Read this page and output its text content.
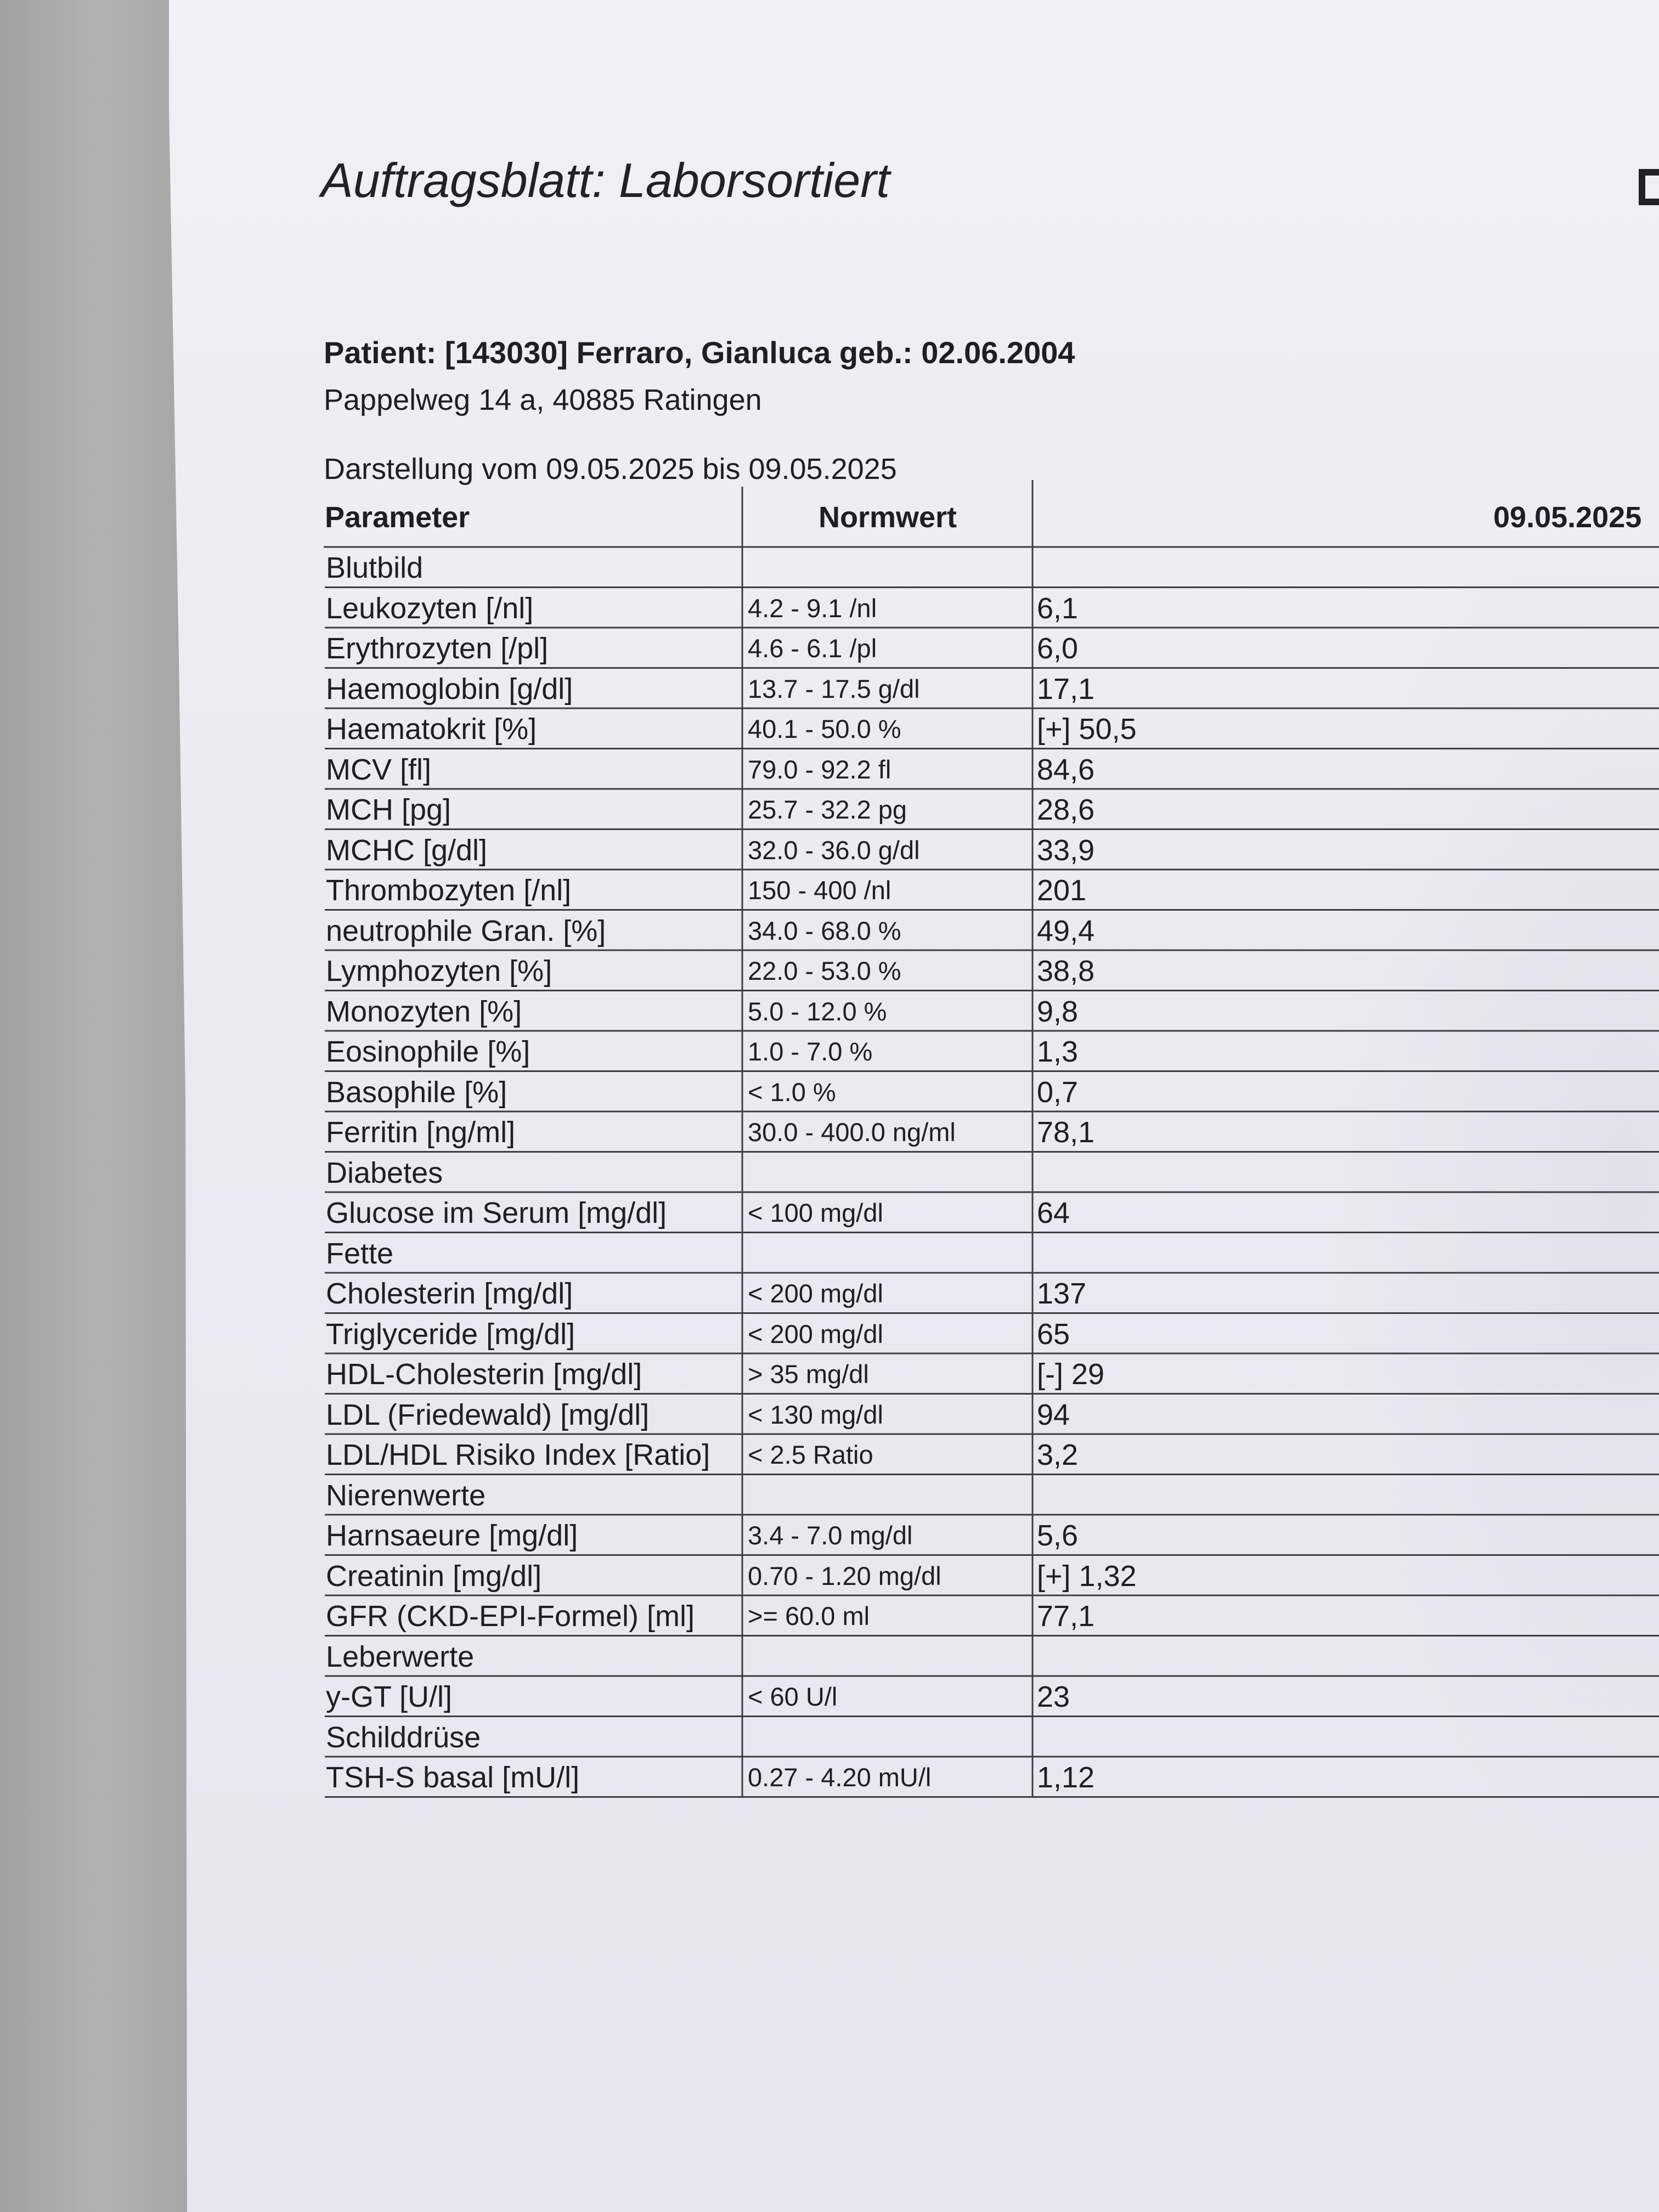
Auftragsblatt: Laborsortiert
Patient: [143030] Ferraro, Gianluca geb.: 02.06.2004
Pappelweg 14 a, 40885 Ratingen
Darstellung vom 09.05.2025 bis 09.05.2025
Parameter	Normwert	09.05.2025
Blutbild
Leukozyten [/nl]	4.2 - 9.1 /nl	6,1
Erythrozyten [/pl]	4.6 - 6.1 /pl	6,0
Haemoglobin [g/dl]	13.7 - 17.5 g/dl	17,1
Haematokrit [%]	40.1 - 50.0 %	[+] 50,5
MCV [fl]	79.0 - 92.2 fl	84,6
MCH [pg]	25.7 - 32.2 pg	28,6
MCHC [g/dl]	32.0 - 36.0 g/dl	33,9
Thrombozyten [/nl]	150 - 400 /nl	201
neutrophile Gran. [%]	34.0 - 68.0 %	49,4
Lymphozyten [%]	22.0 - 53.0 %	38,8
Monozyten [%]	5.0 - 12.0 %	9,8
Eosinophile [%]	1.0 - 7.0 %	1,3
Basophile [%]	< 1.0 %	0,7
Ferritin [ng/ml]	30.0 - 400.0 ng/ml	78,1
Diabetes
Glucose im Serum [mg/dl]	< 100 mg/dl	64
Fette
Cholesterin [mg/dl]	< 200 mg/dl	137
Triglyceride [mg/dl]	< 200 mg/dl	65
HDL-Cholesterin [mg/dl]	> 35 mg/dl	[-] 29
LDL (Friedewald) [mg/dl]	< 130 mg/dl	94
LDL/HDL Risiko Index [Ratio] < 2.5 Ratio	3,2
Nierenwerte
Harnsaeure [mg/dl]	3.4 - 7.0 mg/dl	5,6
Creatinin [mg/dl]	0.70 - 1.20 mg/dl	[+] 1,32
GFR (CKD-EPI-Formel) [ml] >= 60.0 ml	77,1
Leberwerte
y-GT [U/l]	< 60 U/l	23
Schilddrüse
TSH-S basal [mU/l]	0.27 - 4.20 mU/l	1,12
